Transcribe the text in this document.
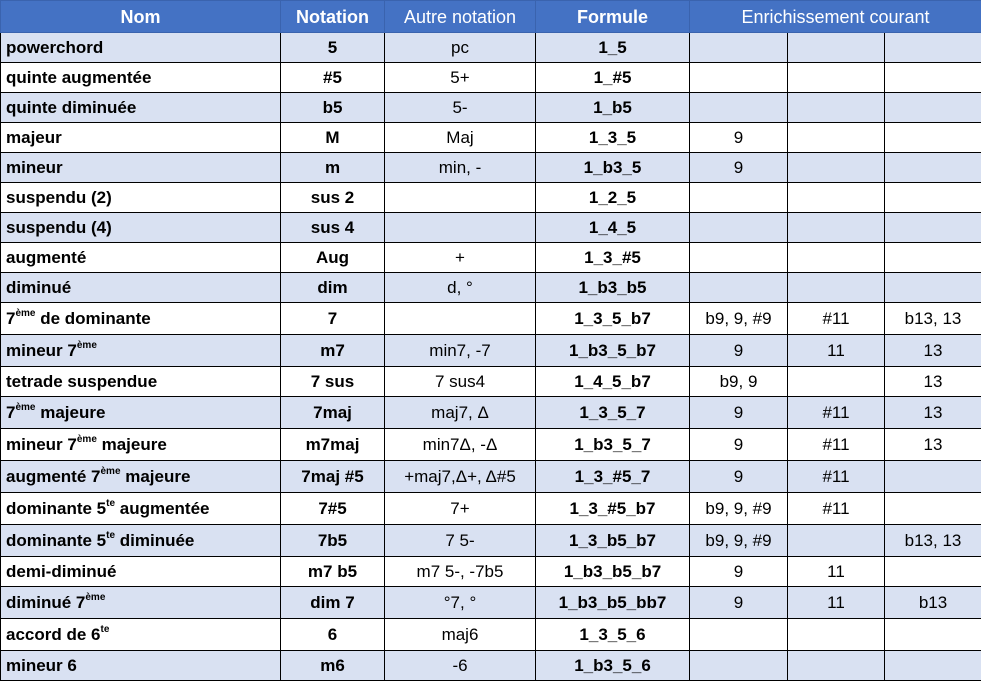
Nom	Notation	Autre notation	Formule	Enrichissement courant		
powerchord	5	pc	1_5			
quinte augmentée	#5	5+	1_#5			
quinte diminuée	b5	5-	1_b5			
majeur	M	Maj	1_3_5	9		
mineur	m	min, -	1_b3_5	9		
suspendu (2)	sus 2		1_2_5			
suspendu (4)	sus 4		1_4_5			
augmenté	Aug	+	1_3_#5			
diminué	dim	d, °	1_b3_b5			
7ème de dominante	7		1_3_5_b7	b9, 9, #9	#11	b13, 13
mineur 7ème	m7	min7, -7	1_b3_5_b7	9	11	13
tetrade suspendue	7 sus	7 sus4	1_4_5_b7	b9, 9		13
7ème majeure	7maj	maj7, Δ	1_3_5_7	9	#11	13
mineur 7ème majeure	m7maj	min7Δ, -Δ	1_b3_5_7	9	#11	13
augmenté 7ème majeure	7maj #5	+maj7,Δ+, Δ#5	1_3_#5_7	9	#11	
dominante $5^{te}$ augmentée	7#5	7+	1_3_#5_b7	b9, 9, #9	#11	
dominante $5^{te}$ diminuée	7b5	7 5-	1_3_b5_b7	b9, 9, #9		b13, 13
demi-diminué	m7 b5	m7 5-, -7b5	1_b3_b5_b7	9	11	
diminué 7ème	dim 7	°7, °	1_b3_b5_bb7	9	11	b13
accord de $6^{te}$	6	maj6	1_3_5_6			
mineur 6	m6	-6	1_b3_5_6			
